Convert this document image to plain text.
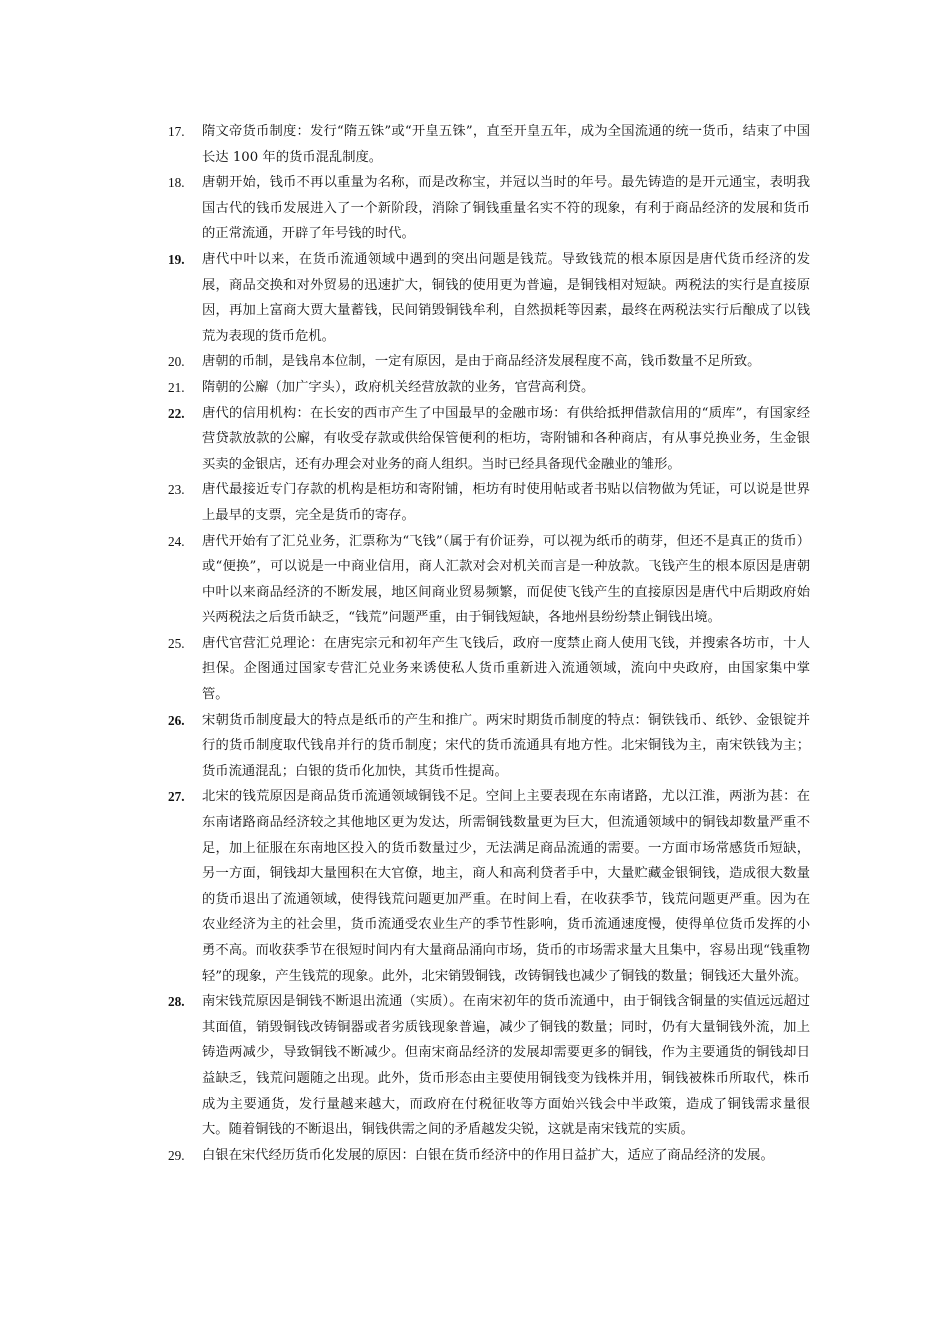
17. 隋文帝货币制度：发行“隋五铢”或“开皇五铢”，直至开皇五年，成为全国流通的统一货币，结束了中国长达 100 年的货币混乱制度。
18. 唐朝开始，钱币不再以重量为名称，而是改称宝，并冠以当时的年号。最先铸造的是开元通宝，表明我国古代的钱币发展进入了一个新阶段，消除了铜钱重量名实不符的现象，有利于商品经济的发展和货币的正常流通，开辟了年号钱的时代。
19. 唐代中叶以来，在货币流通领域中遇到的突出问题是钱荒。导致钱荒的根本原因是唐代货币经济的发展，商品交换和对外贸易的迅速扩大，铜钱的使用更为普遍，是铜钱相对短缺。两税法的实行是直接原因，再加上富商大贾大量蓄钱，民间销毁铜钱牟利，自然损耗等因素，最终在两税法实行后酿成了以钱荒为表现的货币危机。
20. 唐朝的币制，是钱帛本位制，一定有原因，是由于商品经济发展程度不高，钱币数量不足所致。
21. 隋朝的公廨（加广字头），政府机关经营放款的业务，官营高利贷。
22. 唐代的信用机构：在长安的西市产生了中国最早的金融市场：有供给抵押借款信用的“质库”，有国家经营贷款放款的公廨，有收受存款或供给保管便利的柜坊，寄附铺和各种商店，有从事兑换业务，生金银买卖的金银店，还有办理会对业务的商人组织。当时已经具备现代金融业的雏形。
23. 唐代最接近专门存款的机构是柜坊和寄附铺，柜坊有时使用帖或者书贴以信物做为凭证，可以说是世界上最早的支票，完全是货币的寄存。
24. 唐代开始有了汇兑业务，汇票称为“飞钱”（属于有价证券，可以视为纸币的萌芽，但还不是真正的货币）或“便换”，可以说是一中商业信用，商人汇款对会对机关而言是一种放款。飞钱产生的根本原因是唐朝中叶以来商品经济的不断发展，地区间商业贸易频繁，而促使飞钱产生的直接原因是唐代中后期政府始兴两税法之后货币缺乏，“钱荒”问题严重，由于铜钱短缺，各地州县纷纷禁止铜钱出境。
25. 唐代官营汇兑理论：在唐宪宗元和初年产生飞钱后，政府一度禁止商人使用飞钱，并搜索各坊市，十人担保。企图通过国家专营汇兑业务来诱使私人货币重新进入流通领域，流向中央政府，由国家集中掌管。
26. 宋朝货币制度最大的特点是纸币的产生和推广。两宋时期货币制度的特点：铜铁钱币、纸钞、金银锭并行的货币制度取代钱帛并行的货币制度；宋代的货币流通具有地方性。北宋铜钱为主，南宋铁钱为主；货币流通混乱；白银的货币化加快，其货币性提高。
27. 北宋的钱荒原因是商品货币流通领域铜钱不足。空间上主要表现在东南诸路，尤以江淮，两浙为甚：在东南诸路商品经济较之其他地区更为发达，所需铜钱数量更为巨大，但流通领域中的铜钱却数量严重不足，加上征服在东南地区投入的货币数量过少，无法满足商品流通的需要。一方面市场常感货币短缺，另一方面，铜钱却大量囤积在大官僚，地主，商人和高利贷者手中，大量贮藏金银铜钱，造成很大数量的货币退出了流通领域，使得钱荒问题更加严重。在时间上看，在收获季节，钱荒问题更严重。因为在农业经济为主的社会里，货币流通受农业生产的季节性影响，货币流通速度慢，使得单位货币发挥的小勇不高。而收获季节在很短时间内有大量商品涌向市场，货币的市场需求量大且集中，容易出现“钱重物轻”的现象，产生钱荒的现象。此外，北宋销毁铜钱，改铸铜钱也减少了铜钱的数量；铜钱还大量外流。
28. 南宋钱荒原因是铜钱不断退出流通（实质）。在南宋初年的货币流通中，由于铜钱含铜量的实值远远超过其面值，销毁铜钱改铸铜器或者劣质钱现象普遍，减少了铜钱的数量；同时，仍有大量铜钱外流，加上铸造两减少，导致铜钱不断减少。但南宋商品经济的发展却需要更多的铜钱，作为主要通货的铜钱却日益缺乏，钱荒问题随之出现。此外，货币形态由主要使用铜钱变为钱株并用，铜钱被株币所取代，株币成为主要通货，发行量越来越大，而政府在付税征收等方面始兴钱会中半政策，造成了铜钱需求量很大。随着铜钱的不断退出，铜钱供需之间的矛盾越发尖锐，这就是南宋钱荒的实质。
29. 白银在宋代经历货币化发展的原因：白银在货币经济中的作用日益扩大，适应了商品经济的发展。
